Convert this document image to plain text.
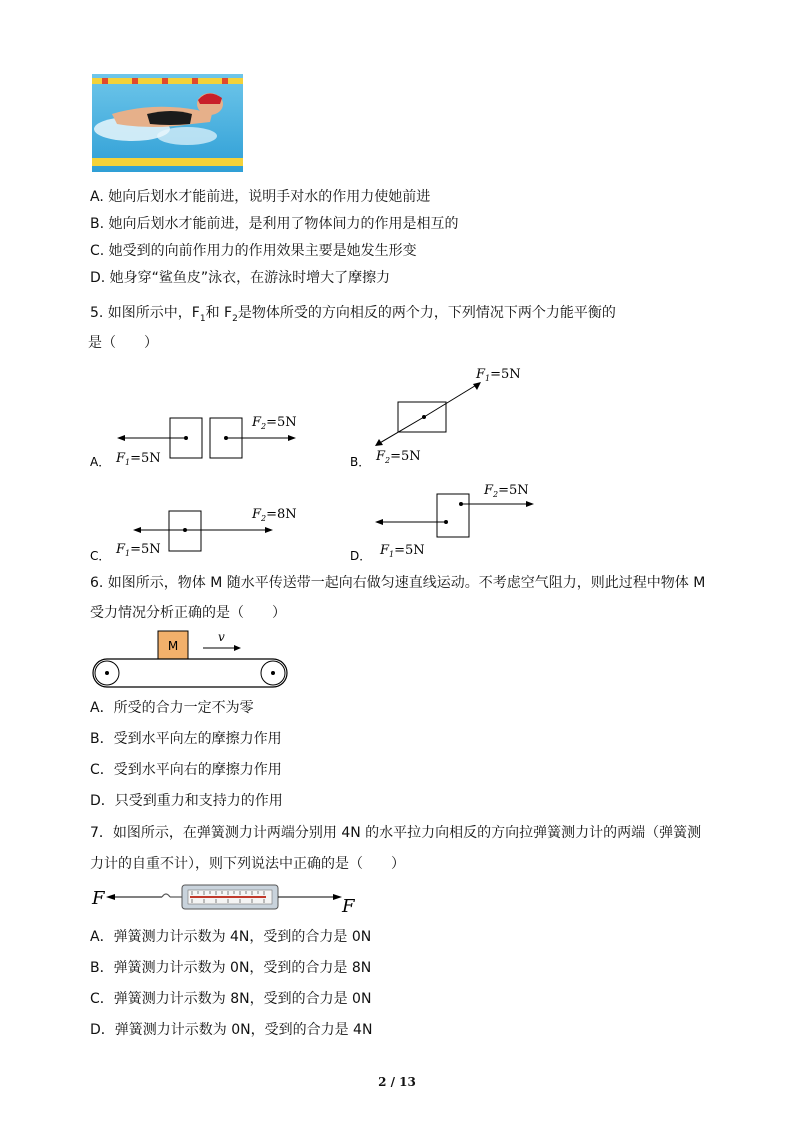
A. 她向后划水才能前进，说明手对水的作用力使她前进
B. 她向后划水才能前进，是利用了物体间力的作用是相互的
C. 她受到的向前作用力的作用效果主要是她发生形变
D. 她身穿“鲨鱼皮”泳衣，在游泳时增大了摩擦力
5. 如图所示中，$F_1$和 $F_2$是物体所受的方向相反的两个力，下列情况下两个力能平衡的
是（　　）
A． $F_1=5N$
$F_2=5N$
B．
$F_1=5N$
$F_2=5N$
C． $F_1=5N$
$F_2=8N$
D． $F_1=5N$
$F_2=5N$
6. 如图所示，物体 M 随水平传送带一起向右做匀速直线运动。不考虑空气阻力，则此过程中物体 M
受力情况分析正确的是（　　）
M
v
A．所受的合力一定不为零
B．受到水平向左的摩擦力作用
C．受到水平向右的摩擦力作用
D．只受到重力和支持力的作用
7．如图所示，在弹簧测力计两端分别用 4N 的水平拉力向相反的方向拉弹簧测力计的两端（弹簧测
力计的自重不计），则下列说法中正确的是（　　）
F	F
A．弹簧测力计示数为 4N，受到的合力是 0N
B．弹簧测力计示数为 0N，受到的合力是 8N
C．弹簧测力计示数为 8N，受到的合力是 0N
D．弹簧测力计示数为 0N，受到的合力是 4N
2 / 13
